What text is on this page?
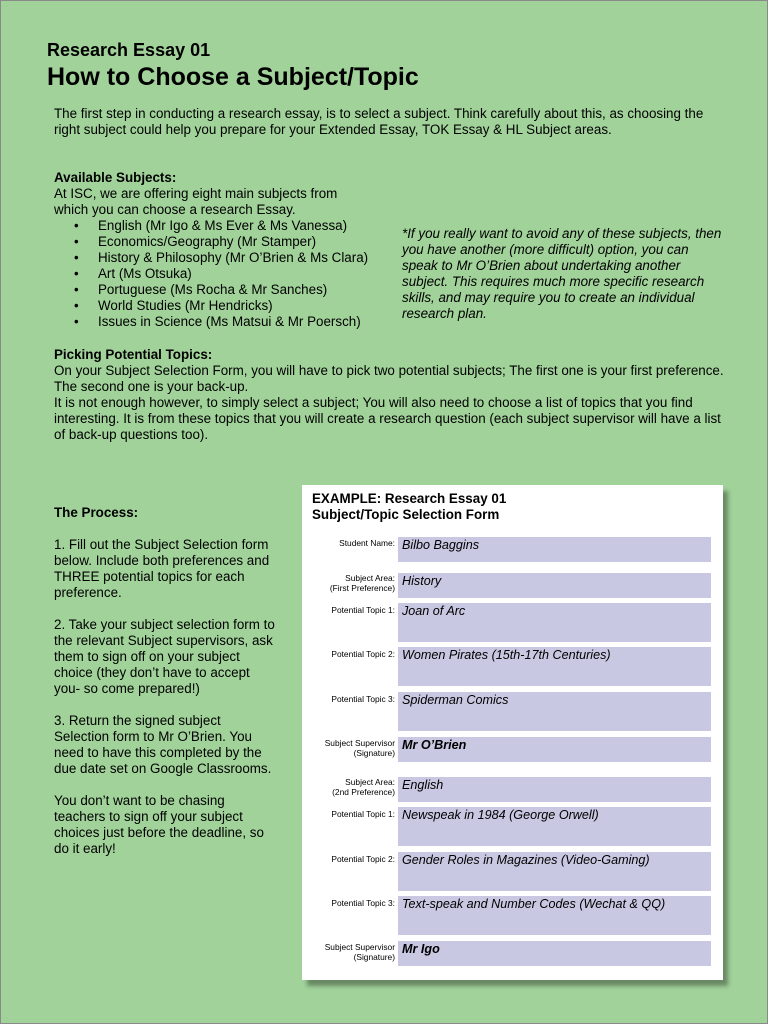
Research Essay 01
How to Choose a Subject/Topic
The first step in conducting a research essay, is to select a subject. Think carefully about this, as choosing the right subject could help you prepare for your Extended Essay, TOK Essay & HL Subject areas.
Available Subjects:
At ISC, we are offering eight main subjects from which you can choose a research Essay.
• English (Mr Igo & Ms Ever & Ms Vanessa)
• Economics/Geography (Mr Stamper)
• History & Philosophy (Mr O’Brien & Ms Clara)
• Art (Ms Otsuka)
• Portuguese (Ms Rocha & Mr Sanches)
• World Studies (Mr Hendricks)
• Issues in Science (Ms Matsui & Mr Poersch)
*If you really want to avoid any of these subjects, then you have another (more difficult) option, you can speak to Mr O’Brien about undertaking another subject. This requires much more specific research skills, and may require you to create an individual research plan.
Picking Potential Topics:
On your Subject Selection Form, you will have to pick two potential subjects; The first one is your first preference. The second one is your back-up.
It is not enough however, to simply select a subject; You will also need to choose a list of topics that you find interesting. It is from these topics that you will create a research question (each subject supervisor will have a list of back-up questions too).
The Process:

1. Fill out the Subject Selection form below. Include both preferences and THREE potential topics for each preference.

2. Take your subject selection form to the relevant Subject supervisors, ask them to sign off on your subject choice (they don’t have to accept you- so come prepared!)

3. Return the signed subject Selection form to Mr O’Brien. You need to have this completed by the due date set on Google Classrooms.

You don’t want to be chasing teachers to sign off your subject choices just before the deadline, so do it early!

EXAMPLE: Research Essay 01
Subject/Topic Selection Form
Student Name: Bilbo Baggins
Subject Area:
(First Preference) History
Potential Topic 1: Joan of Arc
Potential Topic 2: Women Pirates (15th-17th Centuries)
Potential Topic 3: Spiderman Comics
Subject Supervisor
(Signature)
Mr O’Brien
Subject Area:
(2nd Preference) English
Potential Topic 1: Newspeak in 1984 (George Orwell)
Potential Topic 2: Gender Roles in Magazines (Video-Gaming)
Potential Topic 3: Text-speak and Number Codes (Wechat & QQ)
Subject Supervisor
(Signature)
Mr Igo
